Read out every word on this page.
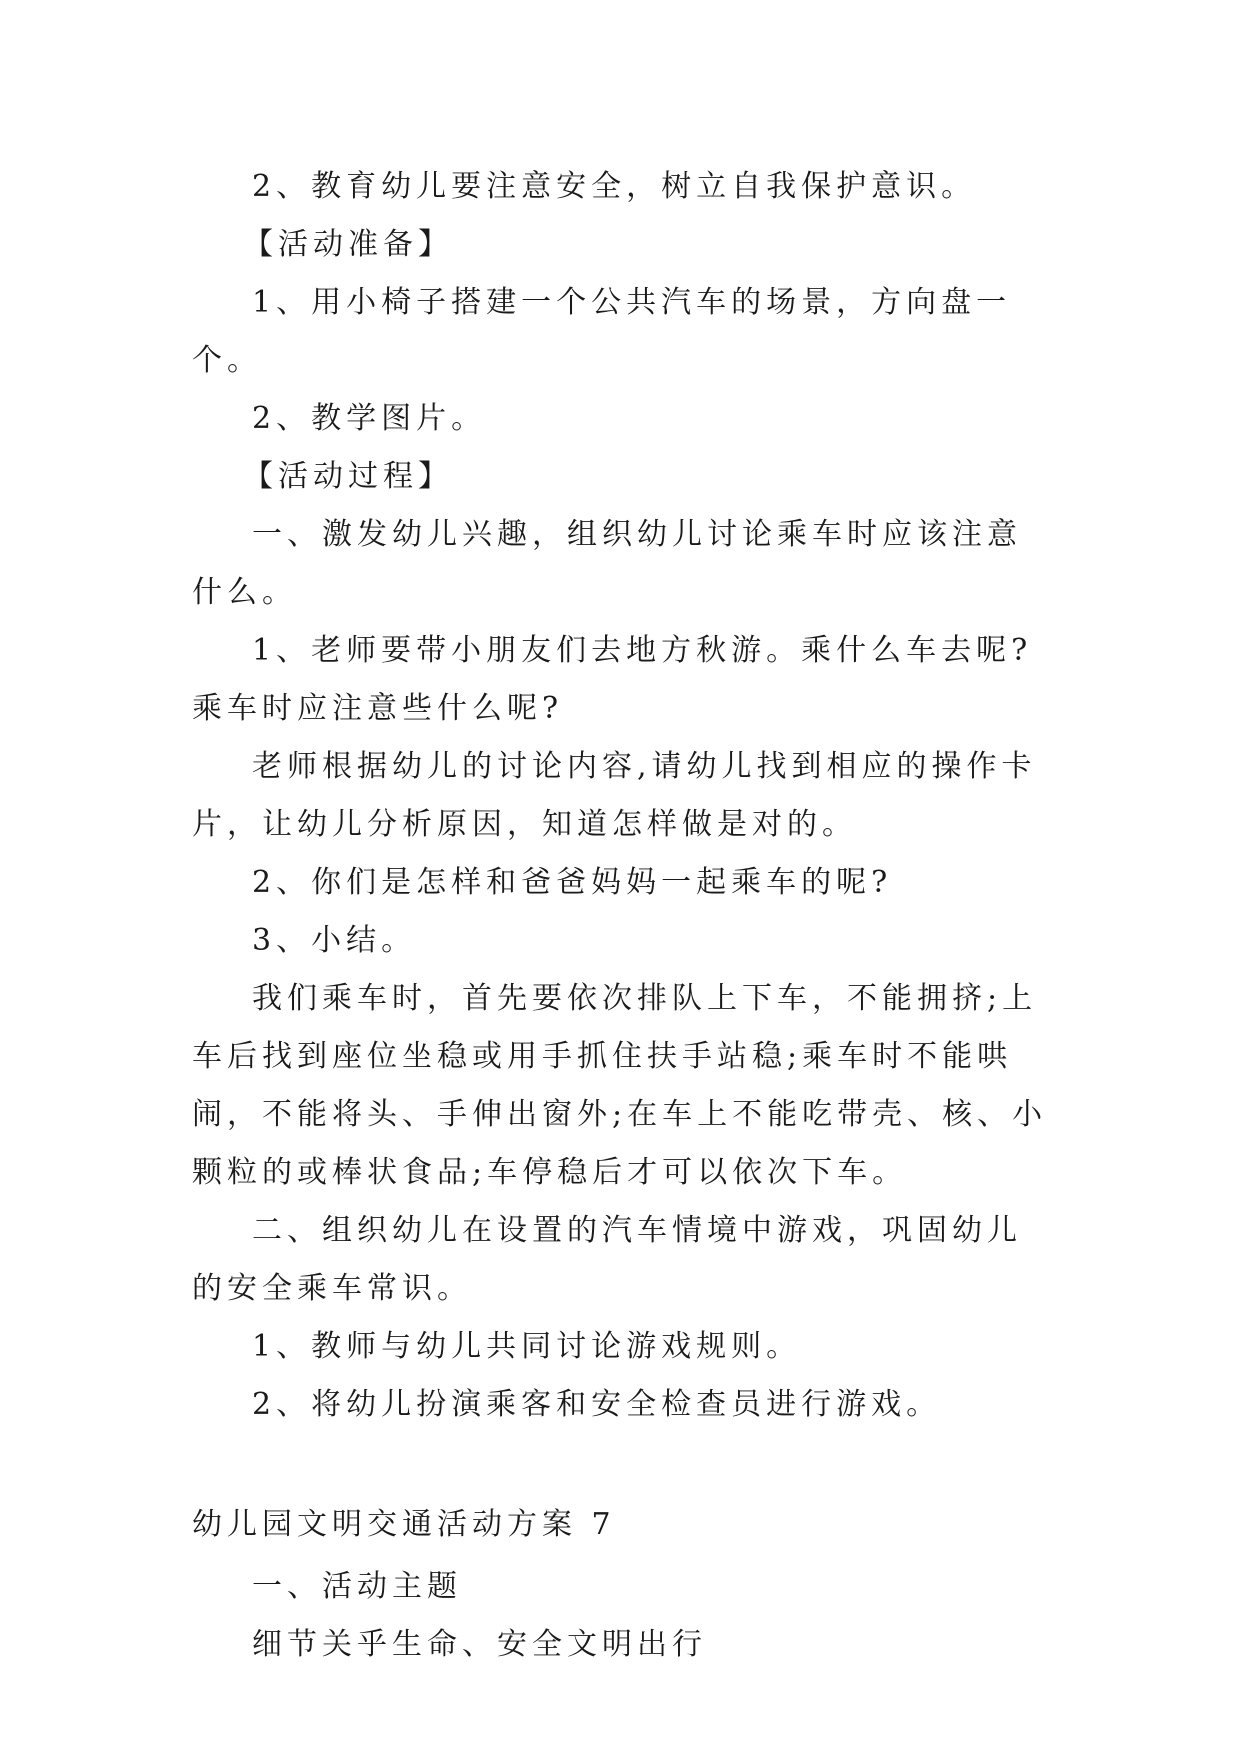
2、教育幼儿要注意安全，树立自我保护意识。

【活动准备】

1、用小椅子搭建一个公共汽车的场景，方向盘一个。

2、教学图片。

【活动过程】

一、激发幼儿兴趣，组织幼儿讨论乘车时应该注意什么。

1、老师要带小朋友们去地方秋游。乘什么车去呢?乘车时应注意些什么呢?

老师根据幼儿的讨论内容,请幼儿找到相应的操作卡片，让幼儿分析原因，知道怎样做是对的。

2、你们是怎样和爸爸妈妈一起乘车的呢?

3、小结。

我们乘车时，首先要依次排队上下车，不能拥挤;上车后找到座位坐稳或用手抓住扶手站稳;乘车时不能哄闹，不能将头、手伸出窗外;在车上不能吃带壳、核、小颗粒的或棒状食品;车停稳后才可以依次下车。

二、组织幼儿在设置的汽车情境中游戏，巩固幼儿的安全乘车常识。

1、教师与幼儿共同讨论游戏规则。

2、将幼儿扮演乘客和安全检查员进行游戏。

幼儿园文明交通活动方案 7

一、活动主题

细节关乎生命、安全文明出行
